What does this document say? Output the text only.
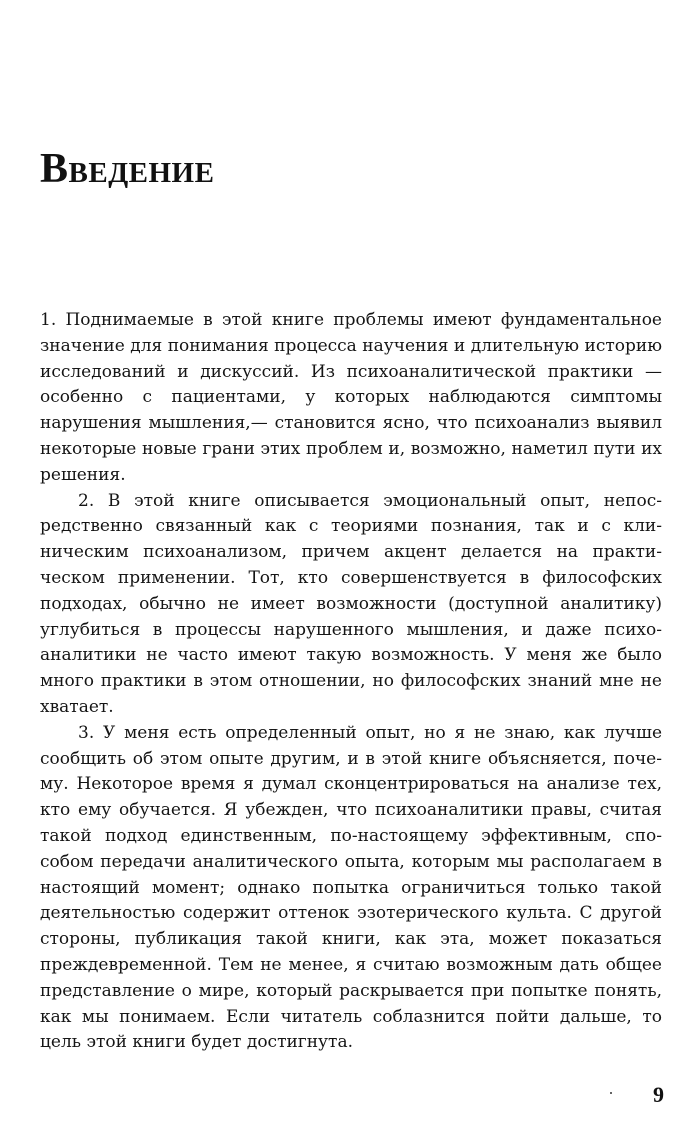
Введение

1. Поднимаемые в этой книге проблемы имеют фундаментальное значение для понимания процесса научения и длительную историю исследований и дискуссий. Из психоаналитической практики — особенно с пациентами, у которых наблюдаются симптомы нарушения мышления,— становится ясно, что психоанализ выявил некоторые новые грани этих проблем и, возможно, наметил пути их решения.

2. В этой книге описывается эмоциональный опыт, непосредственно связанный как с теориями познания, так и с клиническим психоанализом, причем акцент делается на практическом применении. Тот, кто совершенствуется в философских подходах, обычно не имеет возможности (доступной аналитику) углубиться в процессы нарушенного мышления, и даже психоаналитики не часто имеют такую возможность. У меня же было много практики в этом отношении, но философских знаний мне не хватает.

3. У меня есть определенный опыт, но я не знаю, как лучше сообщить об этом опыте другим, и в этой книге объясняется, почему. Некоторое время я думал сконцентрироваться на анализе тех, кто ему обучается. Я убежден, что психоаналитики правы, считая такой подход единственным, по-настоящему эффективным, способом передачи аналитического опыта, которым мы располагаем в настоящий момент; однако попытка ограничиться только такой деятельностью содержит оттенок эзотерического культа. С другой стороны, публикация такой книги, как эта, может показаться преждевременной. Тем не менее, я считаю возможным дать общее представление о мире, который раскрывается при попытке понять, как мы понимаем. Если читатель соблазнится пойти дальше, то цель этой книги будет достигнута.

9
